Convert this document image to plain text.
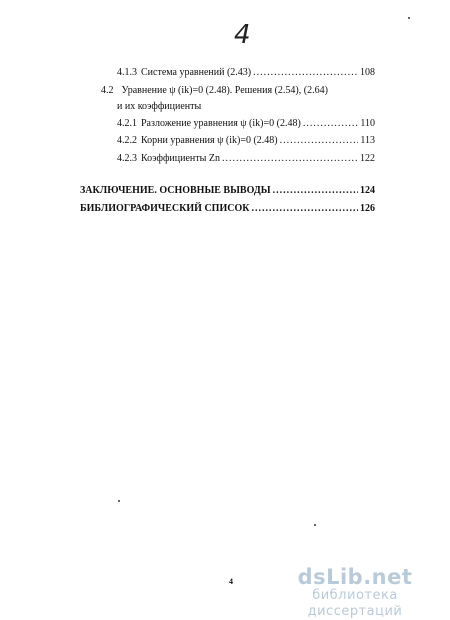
4
4.1.3 Система уравнений (2.43) .....	108
4.2 Уравнение ψ (ik)=0 (2.48). Решения (2.54), (2.64)
и их коэффициенты
4.2.1 Разложение уравнения ψ (ik)=0 (2.48) .....	110
4.2.2 Корни уравнения ψ (ik)=0 (2.48) .....	113
4.2.3 Коэффициенты Zn .....	122
ЗАКЛЮЧЕНИЕ. ОСНОВНЫЕ ВЫВОДЫ .....	124
БИБЛИОГРАФИЧЕСКИЙ СПИСОК .....	126
4	dsLib.net
библиотека диссертаций
